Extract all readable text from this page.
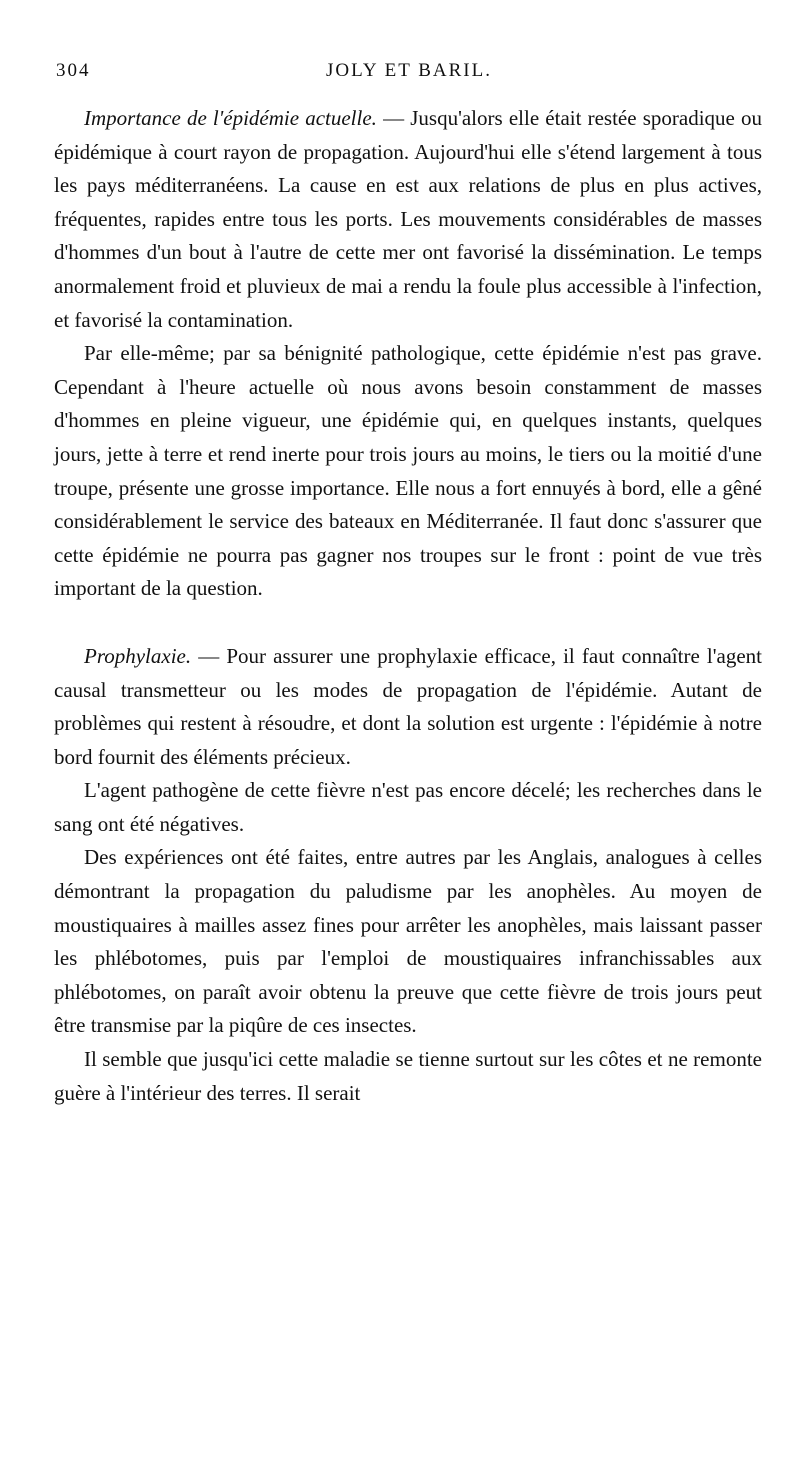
304	JOLY ET BARIL.

Importance de l'épidémie actuelle. — Jusqu'alors elle était restée sporadique ou épidémique à court rayon de propagation. Aujourd'hui elle s'étend largement à tous les pays méditerranéens. La cause en est aux relations de plus en plus actives, fréquentes, rapides entre tous les ports. Les mouvements considérables de masses d'hommes d'un bout à l'autre de cette mer ont favorisé la dissémination. Le temps anormalement froid et pluvieux de mai a rendu la foule plus accessible à l'infection, et favorisé la contamination.

Par elle-même; par sa bénignité pathologique, cette épidémie n'est pas grave. Cependant à l'heure actuelle où nous avons besoin constamment de masses d'hommes en pleine vigueur, une épidémie qui, en quelques instants, quelques jours, jette à terre et rend inerte pour trois jours au moins, le tiers ou la moitié d'une troupe, présente une grosse importance. Elle nous a fort ennuyés à bord, elle a gêné considérablement le service des bateaux en Méditerranée. Il faut donc s'assurer que cette épidémie ne pourra pas gagner nos troupes sur le front : point de vue très important de la question.

Prophylaxie. — Pour assurer une prophylaxie efficace, il faut connaître l'agent causal transmetteur ou les modes de propagation de l'épidémie. Autant de problèmes qui restent à résoudre, et dont la solution est urgente : l'épidémie à notre bord fournit des éléments précieux.

L'agent pathogène de cette fièvre n'est pas encore décelé; les recherches dans le sang ont été négatives.

Des expériences ont été faites, entre autres par les Anglais, analogues à celles démontrant la propagation du paludisme par les anophèles. Au moyen de moustiquaires à mailles assez fines pour arrêter les anophèles, mais laissant passer les phlébotomes, puis par l'emploi de moustiquaires infranchissables aux phlébotomes, on paraît avoir obtenu la preuve que cette fièvre de trois jours peut être transmise par la piqûre de ces insectes.

Il semble que jusqu'ici cette maladie se tienne surtout sur les côtes et ne remonte guère à l'intérieur des terres. Il serait
